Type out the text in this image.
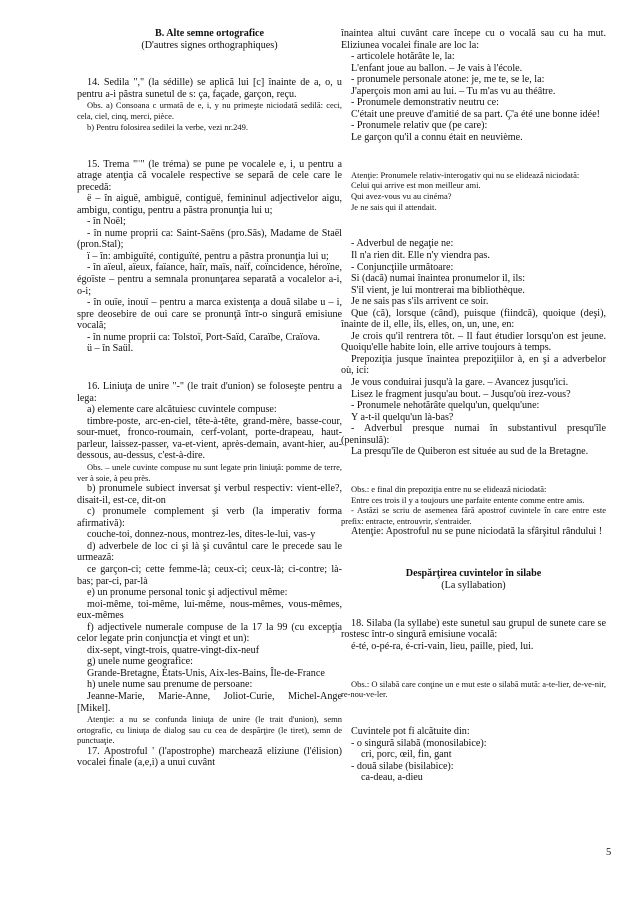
B. Alte semne ortografice

(D'autres signes orthographiques)

14. Sedila "," (la sédille) se aplică lui [c] înainte de a, o, u pentru a-i păstra sunetul de s: ça, façade, garçon, reçu.

Obs. a) Consoana c urmată de e, i, y nu primeşte niciodată sedilă: ceci, cela, ciel, cinq, merci, pièce.

b) Pentru folosirea sedilei la verbe, vezi nr.249.

15. Trema "¨" (le tréma) se pune pe vocalele e, i, u pentru a atrage atenţia că vocalele respective se separă de cele care le precedă:

ë – în aiguë, ambiguë, contiguë, femininul adjectivelor aigu, ambigu, contigu, pentru a păstra pronunţia lui u;

- în Noël;

- în nume proprii ca: Saint-Saëns (pro.Sãs), Madame de Staël (pron.Stal);

ï – în: ambiguïté, contiguïté, pentru a păstra pronunţia lui u;

- în aïeul, aïeux, faïance, haïr, maïs, naïf, coïncidence, héroïne, égoïste – pentru a semnala pronunţarea separată a vocalelor a-i, o-i;

- în ouïe, inouï – pentru a marca existenţa a două silabe u – i, spre deosebire de oui care se pronunţă într-o singură emisiune vocală;

- în nume proprii ca: Tolstoï, Port-Saïd, Caraïbe, Craïova.

ü – în Saül.

16. Liniuţa de unire "-" (le trait d'union) se foloseşte pentru a lega:

a) elemente care alcătuiesc cuvintele compuse:

timbre-poste, arc-en-ciel, tête-à-tête, grand-mère, basse-cour, sour-muet, fronco-roumain, cerf-volant, porte-drapeau, haut-parleur, laissez-passer, va-et-vient, après-demain, avant-hier, au-dessous, au-dessus, c'est-à-dire.

Obs. – unele cuvinte compuse nu sunt legate prin liniuţă: pomme de terre, ver à soie, à peu près.

b) pronumele subiect inversat şi verbul respectiv: vient-elle?, disait-il, est-ce, dit-on

c) pronumele complement şi verb (la imperativ forma afirmativă):

couche-toi, donnez-nous, montrez-les, dites-le-lui, vas-y

d) adverbele de loc ci şi là şi cuvântul care le precede sau le urmează:

ce garçon-ci; cette femme-là; ceux-ci; ceux-là; ci-contre; là-bas; par-ci, par-là

e) un pronume personal tonic şi adjectivul même:

moi-même, toi-même, lui-même, nous-mêmes, vous-mêmes, eux-mêmes

f) adjectivele numerale compuse de la 17 la 99 (cu excepţia celor legate prin conjuncţia et vingt et un):

dix-sept, vingt-trois, quatre-vingt-dix-neuf

g) unele nume geografice:

Grande-Bretagne, États-Unis, Aix-les-Bains, Île-de-France

h) unele nume sau prenume de persoane:

Jeanne-Marie, Marie-Anne, Joliot-Curie, Michel-Ange [Mikel].

Atenţie: a nu se confunda liniuţa de unire (le trait d'union), semn ortografic, cu liniuţa de dialog sau cu cea de despărţire (le tiret), semn de punctuaţie.

17. Apostroful ' (l'apostrophe) marchează eliziune (l'élision) vocalei finale (a,e,i) a unui cuvânt

înaintea altui cuvânt care începe cu o vocală sau cu ha mut. Eliziunea vocalei finale are loc la:

- articolele hotărâte le, la:

L'enfant joue au ballon. – Je vais à l'école.

- pronumele personale atone: je, me te, se le, la:

J'aperçois mon ami au lui. – Tu m'as vu au théâtre.

- Pronumele demonstrativ neutru ce:

C'était une preuve d'amitié de sa part. Ç'a été une bonne idée!

- Pronumele relativ que (pe care):

Le garçon qu'il a connu était en neuvième.

Atenţie: Pronumele relativ-interogativ qui nu se elidează niciodată:

Celui qui arrive est mon meilleur ami.

Qui avez-vous vu au cinéma?

Je ne sais qui il attendait.

- Adverbul de negaţie ne:

Il n'a rien dit. Elle n'y viendra pas.

- Conjuncţiile următoare:

Si (dacă) numai înaintea pronumelor il, ils:

S'il vient, je lui montrerai ma bibliothèque.

Je ne sais pas s'ils arrivent ce soir.

Que (că), lorsque (când), puisque (fiindcă), quoique (deşi), înainte de il, elle, ils, elles, on, un, une, en:

Je crois qu'il rentrera tôt. – Il faut étudier lorsqu'on est jeune. Quoiqu'elle habite loin, elle arrive toujours à temps.

Prepoziţia jusque înaintea prepoziţiilor à, en şi a adverbelor où, ici:

Je vous conduirai jusqu'à la gare. – Avancez jusqu'ici.

Lisez le fragment jusqu'au bout. – Jusqu'où irez-vous?

- Pronumele nehotărâte quelqu'un, quelqu'une:

Y a-t-il quelqu'un là-bas?

- Adverbul presque numai în substantivul presqu'île (peninsulă):

La presqu'île de Quiberon est située au sud de la Bretagne.

Obs.: e final din prepoziţia entre nu se elidează niciodată:

Entre ces trois il y a toujours une parfaite entente comme entre amis.

- Astăzi se scriu de asemenea fără apostrof cuvintele în care entre este prefix: entracte, entrouvrir, s'entraider.

Atenţie: Apostroful nu se pune niciodată la sfârşitul rândului !

Despărţirea cuvintelor în silabe

(La syllabation)

18. Silaba (la syllabe) este sunetul sau grupul de sunete care se rostesc într-o singură emisiune vocală:

é-té, o-pé-ra, é-cri-vain, lieu, paille, pied, lui.

Obs.: O silabă care conţine un e mut este o silabă mută: a-te-lier, de-ve-nir, re-nou-ve-ler.

Cuvintele pot fi alcătuite din:

- o singură silabă (monosilabice):

cri, porc, œil, fin, gant

- două silabe (bisilabice):

ca-deau, a-dieu

5
